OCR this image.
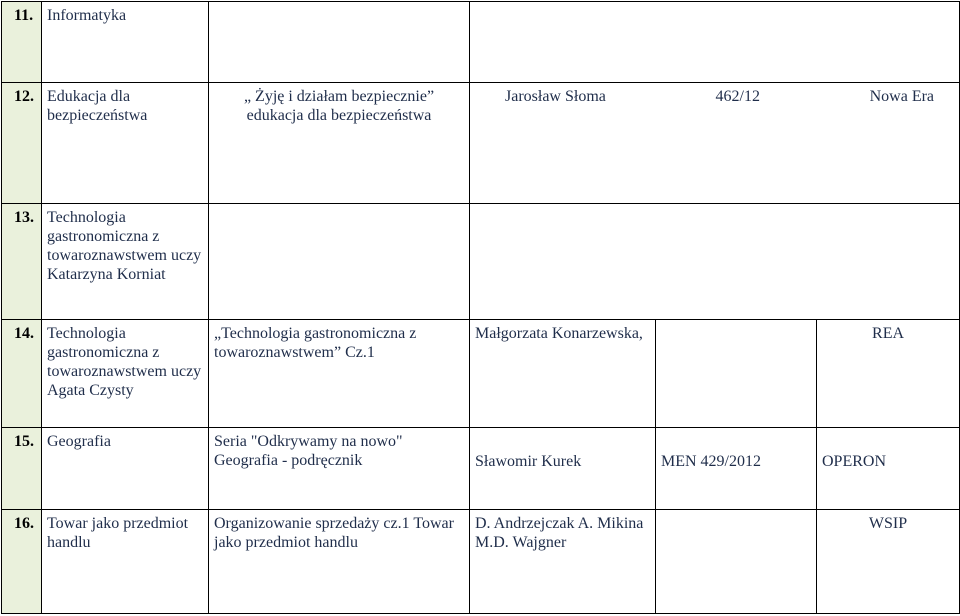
11.	Informatyka				
12.	Edukacja dla bezpieczeństwa	„ Żyję i działam bezpiecznie” edukacja dla bezpieczeństwa	Jarosław Słoma 462/12 Nowa Era		

13.	Technologia gastronomiczna z towaroznawstwem uczy Katarzyna Korniat				
14.	Technologia gastronomiczna z towaroznawstwem uczy Agata Czysty	„Technologia gastronomiczna z towaroznawstwem” Cz.1	Małgorzata Konarzewska,		REA
15.	Geografia	Seria "Odkrywamy na nowo" Geografia - podręcznik	Sławomir Kurek	MEN 429/2012	OPERON

16.	Towar jako przedmiot handlu	Organizowanie sprzedaży cz.1 Towar jako przedmiot handlu	D. Andrzejczak A. Mikina M.D. Wajgner		WSIP
